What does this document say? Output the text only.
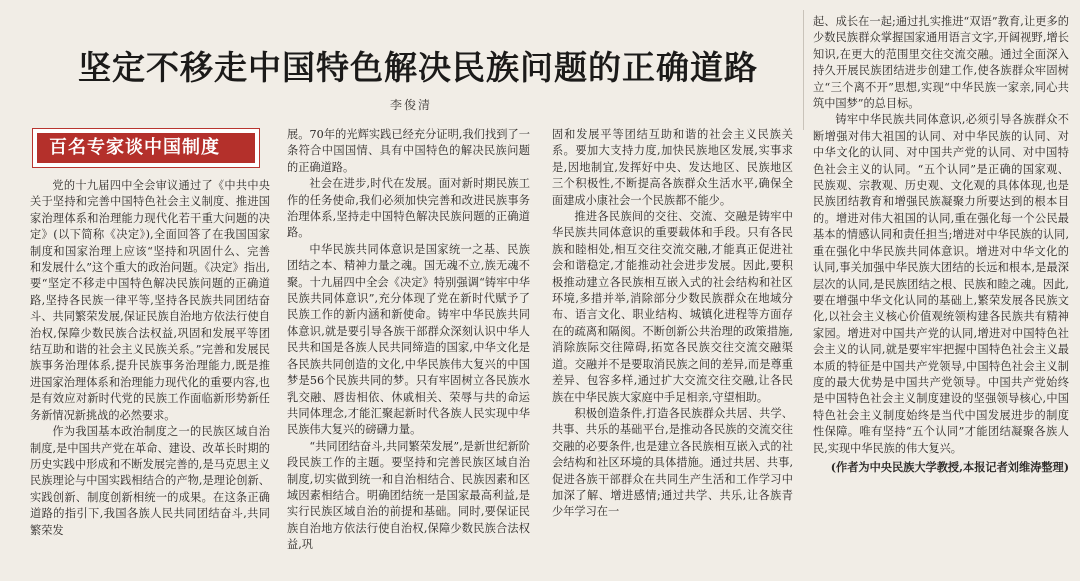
坚定不移走中国特色解决民族问题的正确道路
李俊清
百名专家谈中国制度

党的十九届四中全会审议通过了《中共中央关于坚持和完善中国特色社会主义制度、推进国家治理体系和治理能力现代化若干重大问题的决定》(以下简称《决定》),全面回答了在我国国家制度和国家治理上应该“坚持和巩固什么、完善和发展什么”这个重大的政治问题。《决定》指出,要“坚定不移走中国特色解决民族问题的正确道路,坚持各民族一律平等,坚持各民族共同团结奋斗、共同繁荣发展,保证民族自治地方依法行使自治权,保障少数民族合法权益,巩固和发展平等团结互助和谐的社会主义民族关系。”完善和发展民族事务治理体系,提升民族事务治理能力,既是推进国家治理体系和治理能力现代化的重要内容,也是有效应对新时代党的民族工作面临新形势新任务新情况新挑战的必然要求。

作为我国基本政治制度之一的民族区域自治制度,是中国共产党在革命、建设、改革长时期的历史实践中形成和不断发展完善的,是马克思主义民族理论与中国实践相结合的产物,是理论创新、实践创新、制度创新相统一的成果。在这条正确道路的指引下,我国各族人民共同团结奋斗,共同繁荣发

展。70年的光辉实践已经充分证明,我们找到了一条符合中国国情、具有中国特色的解决民族问题的正确道路。

社会在进步,时代在发展。面对新时期民族工作的任务使命,我们必须加快完善和改进民族事务治理体系,坚持走中国特色解决民族问题的正确道路。

中华民族共同体意识是国家统一之基、民族团结之本、精神力量之魂。国无魂不立,族无魂不聚。十九届四中全会《决定》特别强调“铸牢中华民族共同体意识”,充分体现了党在新时代赋予了民族工作的新内涵和新使命。铸牢中华民族共同体意识,就是要引导各族干部群众深刻认识中华人民共和国是各族人民共同缔造的国家,中华文化是各民族共同创造的文化,中华民族伟大复兴的中国梦是56个民族共同的梦。只有牢固树立各民族水乳交融、唇齿相依、休戚相关、荣辱与共的命运共同体理念,才能汇聚起新时代各族人民实现中华民族伟大复兴的磅礴力量。

“共同团结奋斗,共同繁荣发展”,是新世纪新阶段民族工作的主题。要坚持和完善民族区域自治制度,切实做到统一和自治相结合、民族因素和区域因素相结合。明确团结统一是国家最高利益,是实行民族区域自治的前提和基础。同时,要保证民族自治地方依法行使自治权,保障少数民族合法权益,巩

固和发展平等团结互助和谐的社会主义民族关系。要加大支持力度,加快民族地区发展,实事求是,因地制宜,发挥好中央、发达地区、民族地区三个积极性,不断提高各族群众生活水平,确保全面建成小康社会一个民族都不能少。

推进各民族间的交往、交流、交融是铸牢中华民族共同体意识的重要载体和手段。只有各民族和睦相处,相互交往交流交融,才能真正促进社会和谐稳定,才能推动社会进步发展。因此,要积极推动建立各民族相互嵌入式的社会结构和社区环境,多措并举,消除部分少数民族群众在地域分布、语言文化、职业结构、城镇化进程等方面存在的疏离和隔阂。不断创新公共治理的政策措施,消除族际交往障碍,拓宽各民族交往交流交融渠道。交融并不是要取消民族之间的差异,而是尊重差异、包容多样,通过扩大交流交往交融,让各民族在中华民族大家庭中手足相亲,守望相助。

积极创造条件,打造各民族群众共居、共学、共事、共乐的基础平台,是推动各民族的交流交往交融的必要条件,也是建立各民族相互嵌入式的社会结构和社区环境的具体措施。通过共居、共事,促进各族干部群众在共同生产生活和工作学习中加深了解、增进感情;通过共学、共乐,让各族青少年学习在一

起、成长在一起;通过扎实推进“双语”教育,让更多的少数民族群众掌握国家通用语言文字,开阔视野,增长知识,在更大的范围里交往交流交融。通过全面深入持久开展民族团结进步创建工作,使各族群众牢固树立“三个离不开”思想,实现“中华民族一家亲,同心共筑中国梦”的总目标。

铸牢中华民族共同体意识,必须引导各族群众不断增强对伟大祖国的认同、对中华民族的认同、对中华文化的认同、对中国共产党的认同、对中国特色社会主义的认同。“五个认同”是正确的国家观、民族观、宗教观、历史观、文化观的具体体现,也是民族团结教育和增强民族凝聚力所要达到的根本目的。增进对伟大祖国的认同,重在强化每一个公民最基本的情感认同和责任担当;增进对中华民族的认同,重在强化中华民族共同体意识。增进对中华文化的认同,事关加强中华民族大团结的长远和根本,是最深层次的认同,是民族团结之根、民族和睦之魂。因此,要在增强中华文化认同的基础上,繁荣发展各民族文化,以社会主义核心价值观统领构建各民族共有精神家园。增进对中国共产党的认同,增进对中国特色社会主义的认同,就是要牢牢把握中国特色社会主义最本质的特征是中国共产党领导,中国特色社会主义制度的最大优势是中国共产党领导。中国共产党始终是中国特色社会主义制度建设的坚强领导核心,中国特色社会主义制度始终是当代中国发展进步的制度性保障。唯有坚持“五个认同”才能团结凝聚各族人民,实现中华民族的伟大复兴。

(作者为中央民族大学教授,本报记者刘维涛整理)
